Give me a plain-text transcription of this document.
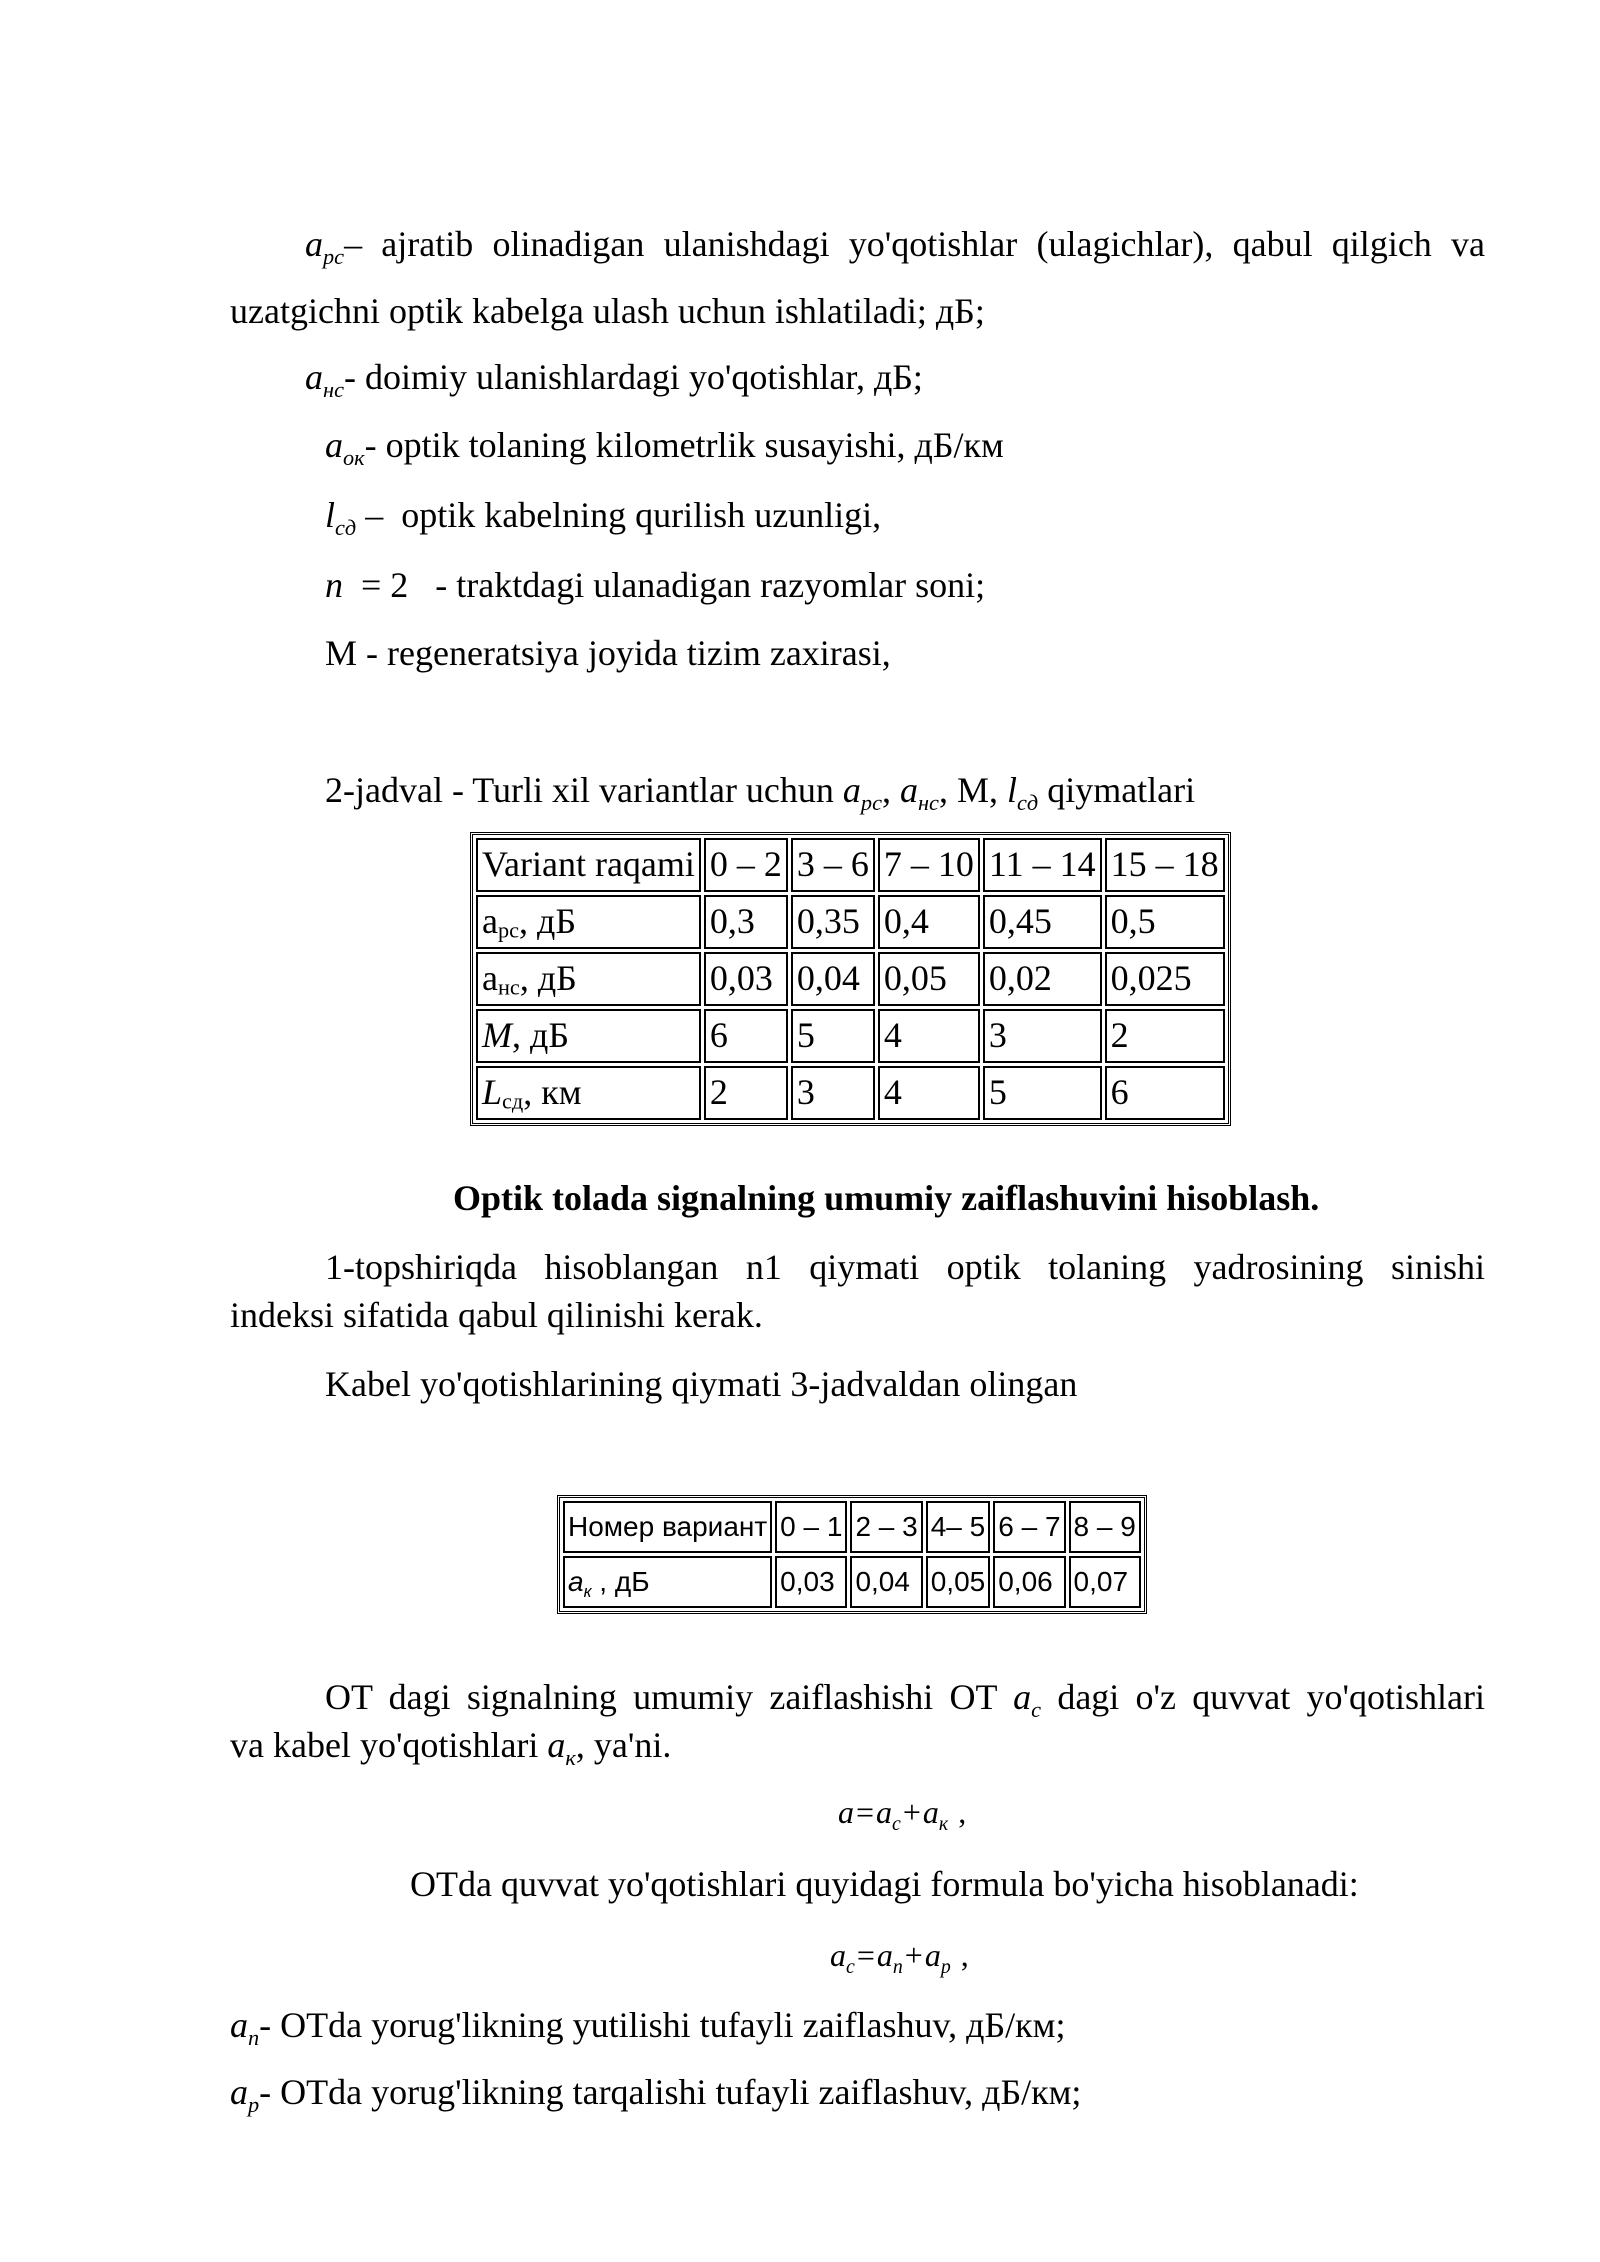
$a_{рс}-$ ajratib olinadigan ulanishdagi yo'qotishlar (ulagichlar), qabul qilgich va
uzatgichni optik kabelga ulash uchun ishlatiladi; дБ;
$a_{нс}-$ doimiy ulanishlardagi yo'qotishlar, дБ;
$a_{ок}-$ optik tolaning kilometrlik susayishi, дБ/км
$l_{сд}$ –  optik kabelning qurilish uzunligi,
n  = 2   - traktdagi ulanadigan razyomlar soni;
M - regeneratsiya joyida tizim zaxirasi,
2-jadval - Turli xil variantlar uchun $a_{рс}$, $a_{нс}$, М, $l_{сд}$ qiymatlari
Variant raqami	0 – 2	3 – 6	7 – 10	11 – 14	15 – 18
$a_{рс}$, дБ	0,3	0,35	0,4	0,45	0,5
$a_{нс}$, дБ	0,03	0,04	0,05	0,02	0,025
M, дБ	6	5	4	3	2
$L_{сд}$, км	2	3	4	5	6
Optik tolada signalning umumiy zaiflashuvini hisoblash.
1-topshiriqda hisoblangan n1 qiymati optik tolaning yadrosining sinishi
indeksi sifatida qabul qilinishi kerak.
Kabel yo'qotishlarining qiymati 3-jadvaldan olingan
Номер вариант	0 – 1	2 – 3	4– 5	6 – 7	8 – 9
$a_к$ , дБ	0,03	0,04	0,05	0,06	0,07
OT dagi signalning umumiy zaiflashishi OT $a_с$ dagi o'z quvvat yo'qotishlari
va kabel yo'qotishlari $a_к$, ya'ni.
$a=a_c+a_к$ ,
OTda quvvat yo'qotishlari quyidagi formula bo'yicha hisoblanadi:
$a_c=a_п+a_p$ ,
$a_п-$ OTda yorug'likning yutilishi tufayli zaiflashuv, дБ/км;
$a_р-$ OTda yorug'likning tarqalishi tufayli zaiflashuv, дБ/км;
